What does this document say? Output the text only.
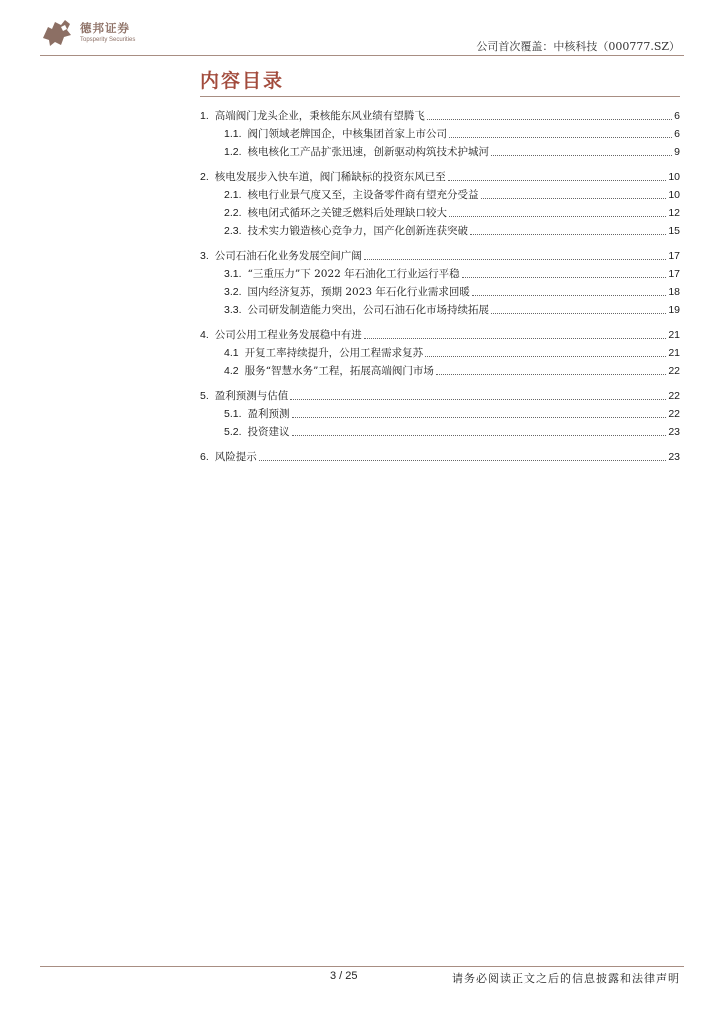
德邦证券
Topsperity Securities	公司首次覆盖：中核科技（000777.SZ）
内容目录
1. 高端阀门龙头企业，秉核能东风业绩有望腾飞	6
1.1. 阀门领域老牌国企，中核集团首家上市公司	6
1.2. 核电核化工产品扩张迅速，创新驱动构筑技术护城河	9
2. 核电发展步入快车道，阀门稀缺标的投资东风已至	10
2.1. 核电行业景气度又至，主设备零件商有望充分受益	10
2.2. 核电闭式循环之关键乏燃料后处理缺口较大	12
2.3. 技术实力锻造核心竞争力，国产化创新连获突破	15
3. 公司石油石化业务发展空间广阔	17
3.1. “三重压力”下 2022 年石油化工行业运行平稳	17
3.2. 国内经济复苏，预期 2023 年石化行业需求回暖	18
3.3. 公司研发制造能力突出，公司石油石化市场持续拓展	19
4. 公司公用工程业务发展稳中有进	21
4.1 开复工率持续提升，公用工程需求复苏	21
4.2 服务“智慧水务”工程，拓展高端阀门市场	22
5. 盈利预测与估值	22
5.1. 盈利预测	22
5.2. 投资建议	23
6. 风险提示	23
3 / 25	请务必阅读正文之后的信息披露和法律声明
